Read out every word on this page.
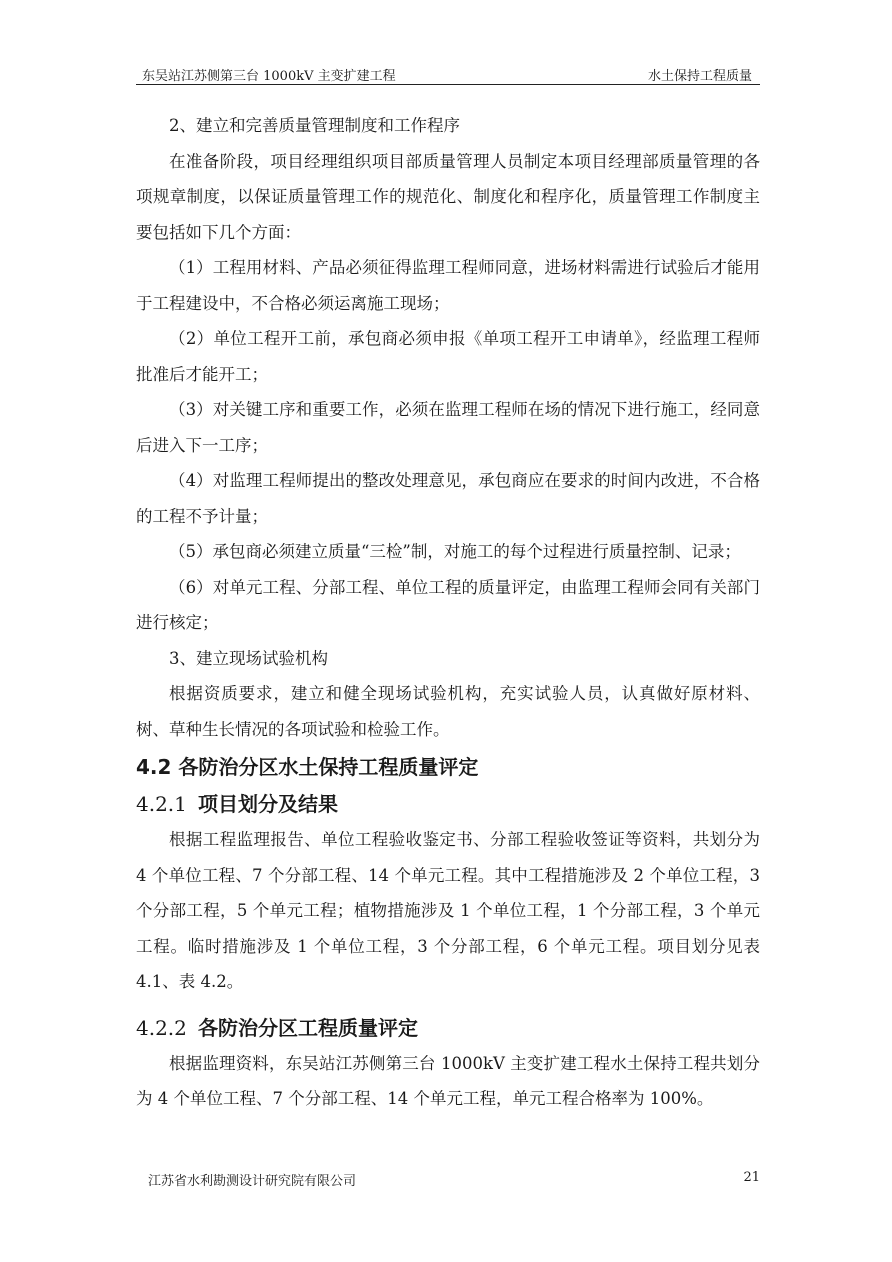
东吴站江苏侧第三台 1000kV 主变扩建工程	水土保持工程质量

2、建立和完善质量管理制度和工作程序

在准备阶段，项目经理组织项目部质量管理人员制定本项目经理部质量管理的各项规章制度，以保证质量管理工作的规范化、制度化和程序化，质量管理工作制度主要包括如下几个方面：

（1）工程用材料、产品必须征得监理工程师同意，进场材料需进行试验后才能用于工程建设中，不合格必须运离施工现场；

（2）单位工程开工前，承包商必须申报《单项工程开工申请单》，经监理工程师批准后才能开工；

（3）对关键工序和重要工作，必须在监理工程师在场的情况下进行施工，经同意后进入下一工序；

（4）对监理工程师提出的整改处理意见，承包商应在要求的时间内改进，不合格的工程不予计量；

（5）承包商必须建立质量“三检”制，对施工的每个过程进行质量控制、记录；

（6）对单元工程、分部工程、单位工程的质量评定，由监理工程师会同有关部门进行核定；

3、建立现场试验机构

根据资质要求，建立和健全现场试验机构，充实试验人员，认真做好原材料、树、草种生长情况的各项试验和检验工作。

4.2 各防治分区水土保持工程质量评定
4.2.1 项目划分及结果

根据工程监理报告、单位工程验收鉴定书、分部工程验收签证等资料，共划分为 4 个单位工程、7 个分部工程、14 个单元工程。其中工程措施涉及 2 个单位工程，3 个分部工程，5 个单元工程；植物措施涉及 1 个单位工程，1 个分部工程，3 个单元工程。临时措施涉及 1 个单位工程，3 个分部工程，6 个单元工程。项目划分见表 4.1、表 4.2。

4.2.2 各防治分区工程质量评定

根据监理资料，东吴站江苏侧第三台 1000kV 主变扩建工程水土保持工程共划分为 4 个单位工程、7 个分部工程、14 个单元工程，单元工程合格率为 100%。

江苏省水利勘测设计研究院有限公司	21
